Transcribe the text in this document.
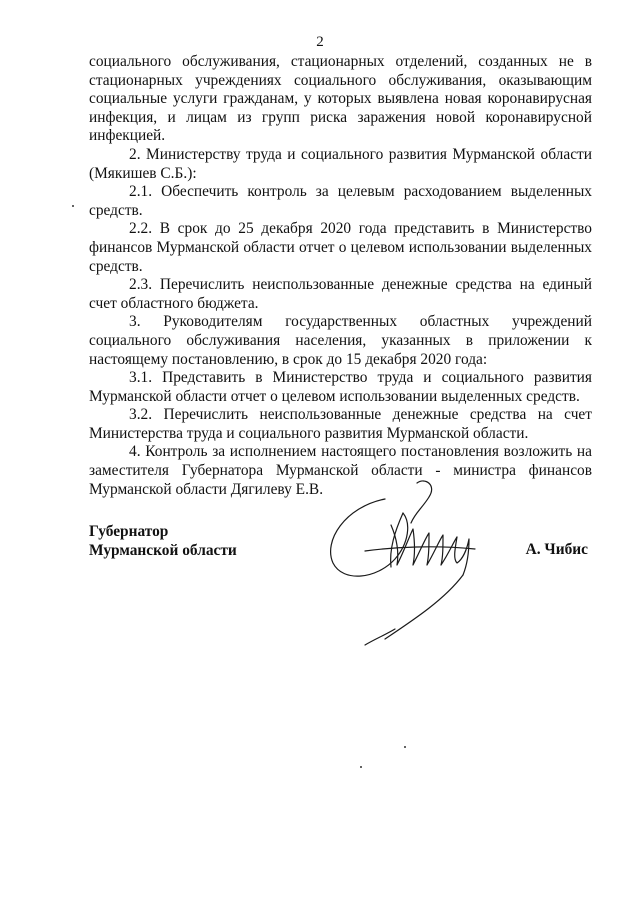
2

социального обслуживания, стационарных отделений, созданных не в стационарных учреждениях социального обслуживания, оказывающим социальные услуги гражданам, у которых выявлена новая коронавирусная инфекция, и лицам из групп риска заражения новой коронавирусной инфекцией.

2. Министерству труда и социального развития Мурманской области (Мякишев С.Б.):

2.1. Обеспечить контроль за целевым расходованием выделенных средств.

2.2. В срок до 25 декабря 2020 года представить в Министерство финансов Мурманской области отчет о целевом использовании выделенных средств.

2.3. Перечислить неиспользованные денежные средства на единый счет областного бюджета.

3. Руководителям государственных областных учреждений социального обслуживания населения, указанных в приложении к настоящему постановлению, в срок до 15 декабря 2020 года:

3.1. Представить в Министерство труда и социального развития Мурманской области отчет о целевом использовании выделенных средств.

3.2. Перечислить неиспользованные денежные средства на счет Министерства труда и социального развития Мурманской области.

4. Контроль за исполнением настоящего постановления возложить на заместителя Губернатора Мурманской области - министра финансов Мурманской области Дягилеву Е.В.

Губернатор
Мурманской области	А. Чибис
